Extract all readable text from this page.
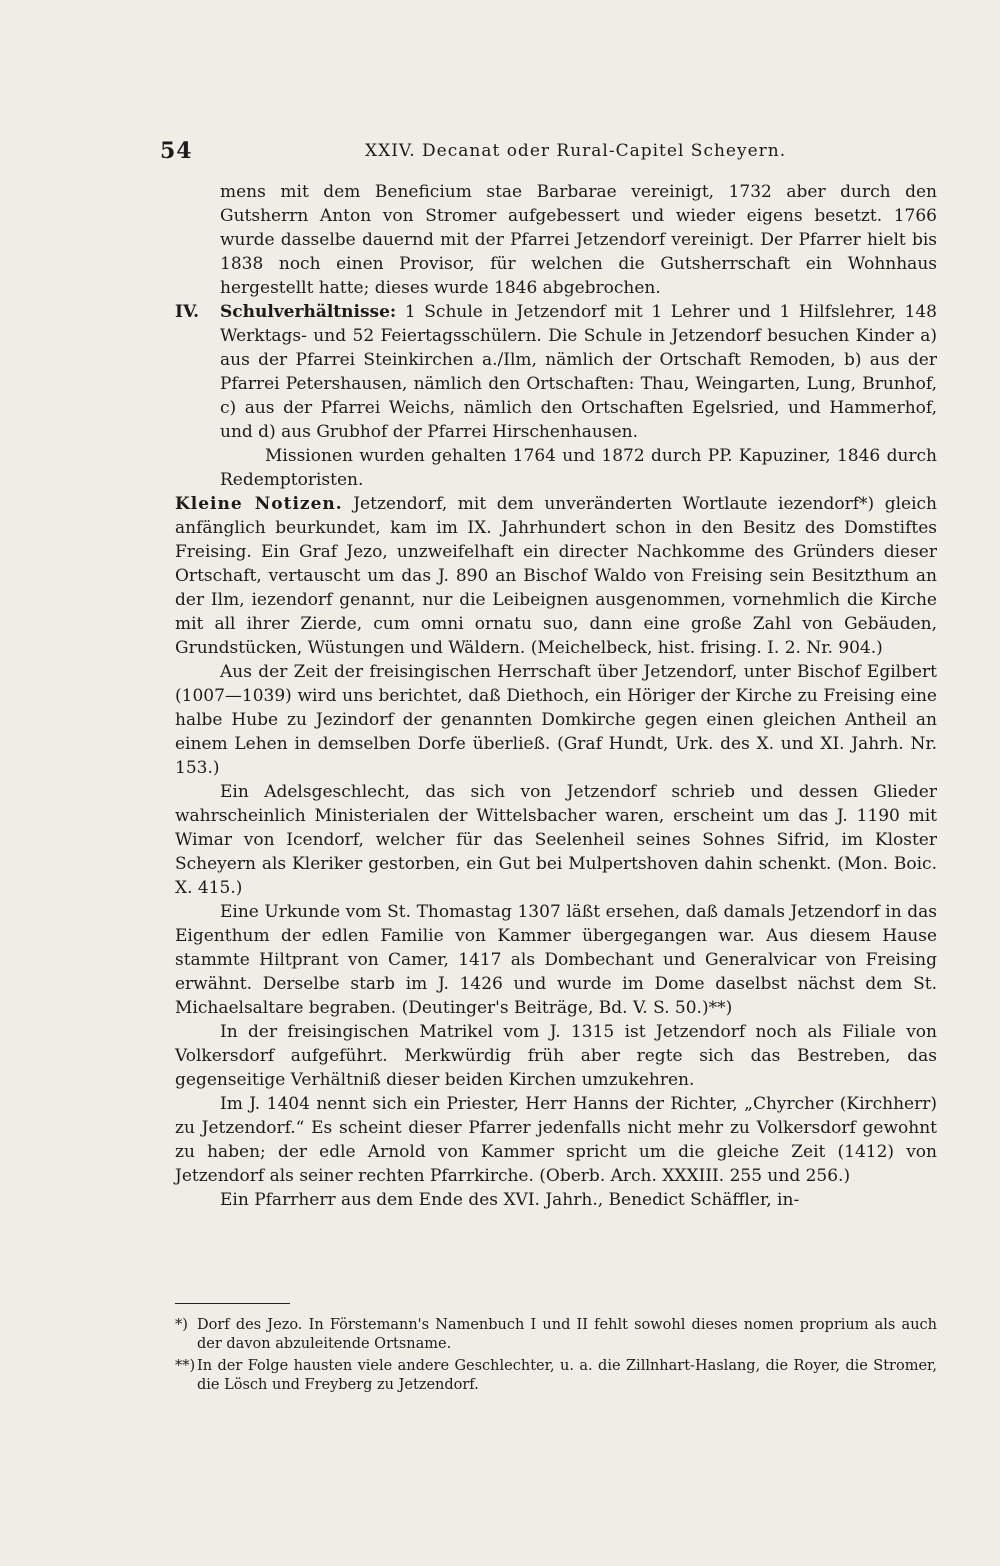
54	XXIV. Decanat oder Rural-Capitel Scheyern.

mens mit dem Beneficium stae Barbarae vereinigt, 1732 aber durch den Gutsherrn Anton von Stromer aufgebessert und wieder eigens besetzt. 1766 wurde dasselbe dauernd mit der Pfarrei Jetzendorf vereinigt. Der Pfarrer hielt bis 1838 noch einen Provisor, für welchen die Gutsherrschaft ein Wohnhaus hergestellt hatte; dieses wurde 1846 abgebrochen.

IV. Schulverhältnisse: 1 Schule in Jetzendorf mit 1 Lehrer und 1 Hilfslehrer, 148 Werktags- und 52 Feiertagsschülern. Die Schule in Jetzendorf besuchen Kinder a) aus der Pfarrei Steinkirchen a./Ilm, nämlich der Ortschaft Remoden, b) aus der Pfarrei Petershausen, nämlich den Ortschaften: Thau, Weingarten, Lung, Brunhof, c) aus der Pfarrei Weichs, nämlich den Ortschaften Egelsried, und Hammerhof, und d) aus Grubhof der Pfarrei Hirschenhausen.

Missionen wurden gehalten 1764 und 1872 durch PP. Kapuziner, 1846 durch Redemptoristen.

Kleine Notizen. Jetzendorf, mit dem unveränderten Wortlaute iezendorf*) gleich anfänglich beurkundet, kam im IX. Jahrhundert schon in den Besitz des Domstiftes Freising. Ein Graf Jezo, unzweifelhaft ein directer Nachkomme des Gründers dieser Ortschaft, vertauscht um das J. 890 an Bischof Waldo von Freising sein Besitzthum an der Ilm, iezendorf genannt, nur die Leibeignen ausgenommen, vornehmlich die Kirche mit all ihrer Zierde, cum omni ornatu suo, dann eine große Zahl von Gebäuden, Grundstücken, Wüstungen und Wäldern. (Meichelbeck, hist. frising. I. 2. Nr. 904.)

Aus der Zeit der freisingischen Herrschaft über Jetzendorf, unter Bischof Egilbert (1007—1039) wird uns berichtet, daß Diethoch, ein Höriger der Kirche zu Freising eine halbe Hube zu Jezindorf der genannten Domkirche gegen einen gleichen Antheil an einem Lehen in demselben Dorfe überließ. (Graf Hundt, Urk. des X. und XI. Jahrh. Nr. 153.)

Ein Adelsgeschlecht, das sich von Jetzendorf schrieb und dessen Glieder wahrscheinlich Ministerialen der Wittelsbacher waren, erscheint um das J. 1190 mit Wimar von Icendorf, welcher für das Seelenheil seines Sohnes Sifrid, im Kloster Scheyern als Kleriker gestorben, ein Gut bei Mulpertshoven dahin schenkt. (Mon. Boic. X. 415.)

Eine Urkunde vom St. Thomastag 1307 läßt ersehen, daß damals Jetzendorf in das Eigenthum der edlen Familie von Kammer übergegangen war. Aus diesem Hause stammte Hiltprant von Camer, 1417 als Dombechant und Generalvicar von Freising erwähnt. Derselbe starb im J. 1426 und wurde im Dome daselbst nächst dem St. Michaelsaltare begraben. (Deutinger's Beiträge, Bd. V. S. 50.)**)

In der freisingischen Matrikel vom J. 1315 ist Jetzendorf noch als Filiale von Volkersdorf aufgeführt. Merkwürdig früh aber regte sich das Bestreben, das gegenseitige Verhältniß dieser beiden Kirchen umzukehren.

Im J. 1404 nennt sich ein Priester, Herr Hanns der Richter, „Chyrcher (Kirchherr) zu Jetzendorf.“ Es scheint dieser Pfarrer jedenfalls nicht mehr zu Volkersdorf gewohnt zu haben; der edle Arnold von Kammer spricht um die gleiche Zeit (1412) von Jetzendorf als seiner rechten Pfarrkirche. (Oberb. Arch. XXXIII. 255 und 256.)

Ein Pfarrherr aus dem Ende des XVI. Jahrh., Benedict Schäffler, in-

*) Dorf des Jezo. In Förstemann's Namenbuch I und II fehlt sowohl dieses nomen proprium als auch der davon abzuleitende Ortsname.

**) In der Folge hausten viele andere Geschlechter, u. a. die Zillnhart-Haslang, die Royer, die Stromer, die Lösch und Freyberg zu Jetzendorf.
